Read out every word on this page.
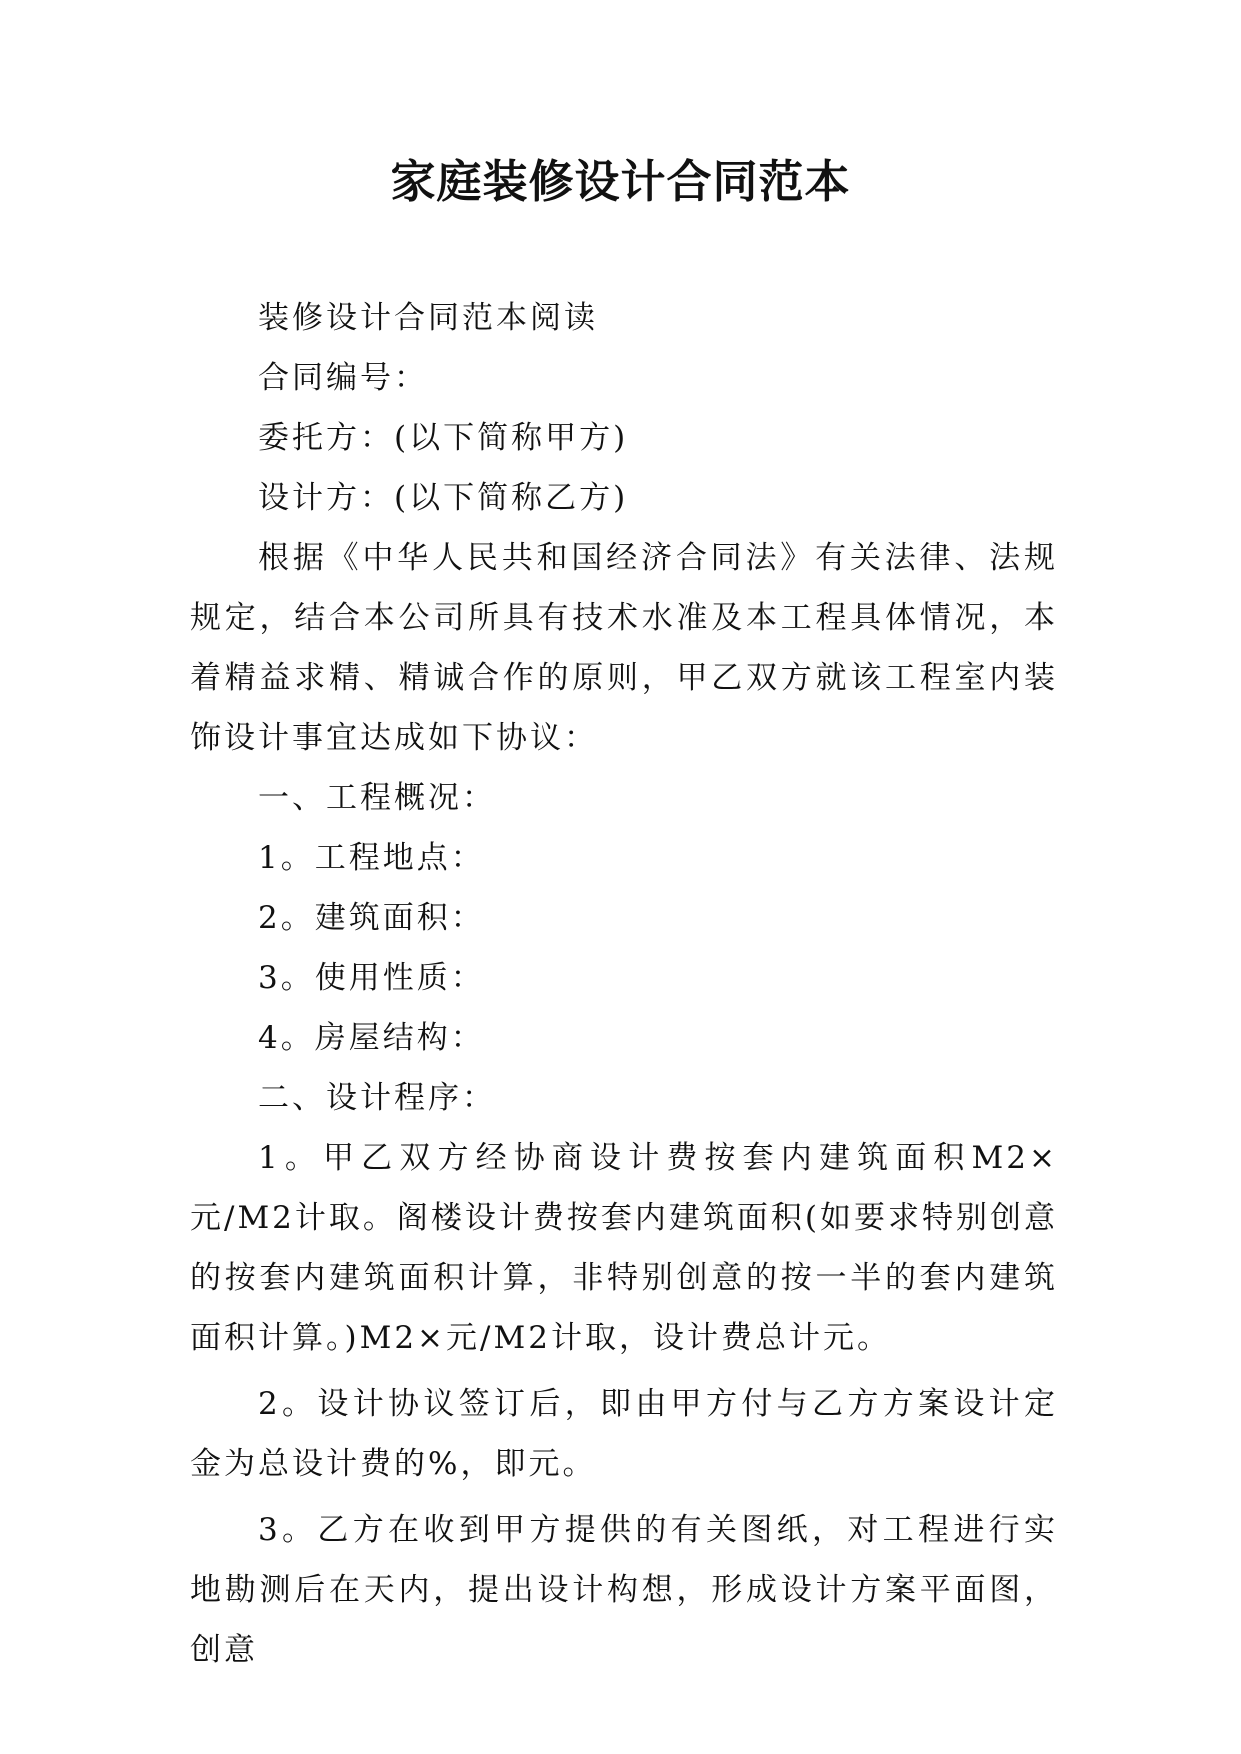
家庭装修设计合同范本

装修设计合同范本阅读

合同编号：

委托方：(以下简称甲方)

设计方：(以下简称乙方)

根据《中华人民共和国经济合同法》有关法律、法规规定，结合本公司所具有技术水准及本工程具体情况，本着精益求精、精诚合作的原则，甲乙双方就该工程室内装饰设计事宜达成如下协议：

一、工程概况：

1。工程地点：

2。建筑面积：

3。使用性质：

4。房屋结构：

二、设计程序：

1。甲乙双方经协商设计费按套内建筑面积M2×元/M2计取。阁楼设计费按套内建筑面积(如要求特别创意的按套内建筑面积计算，非特别创意的按一半的套内建筑面积计算。)M2×元/M2计取，设计费总计元。

2。设计协议签订后，即由甲方付与乙方方案设计定金为总设计费的%，即元。

3。乙方在收到甲方提供的有关图纸，对工程进行实地勘测后在天内，提出设计构想，形成设计方案平面图，创意
